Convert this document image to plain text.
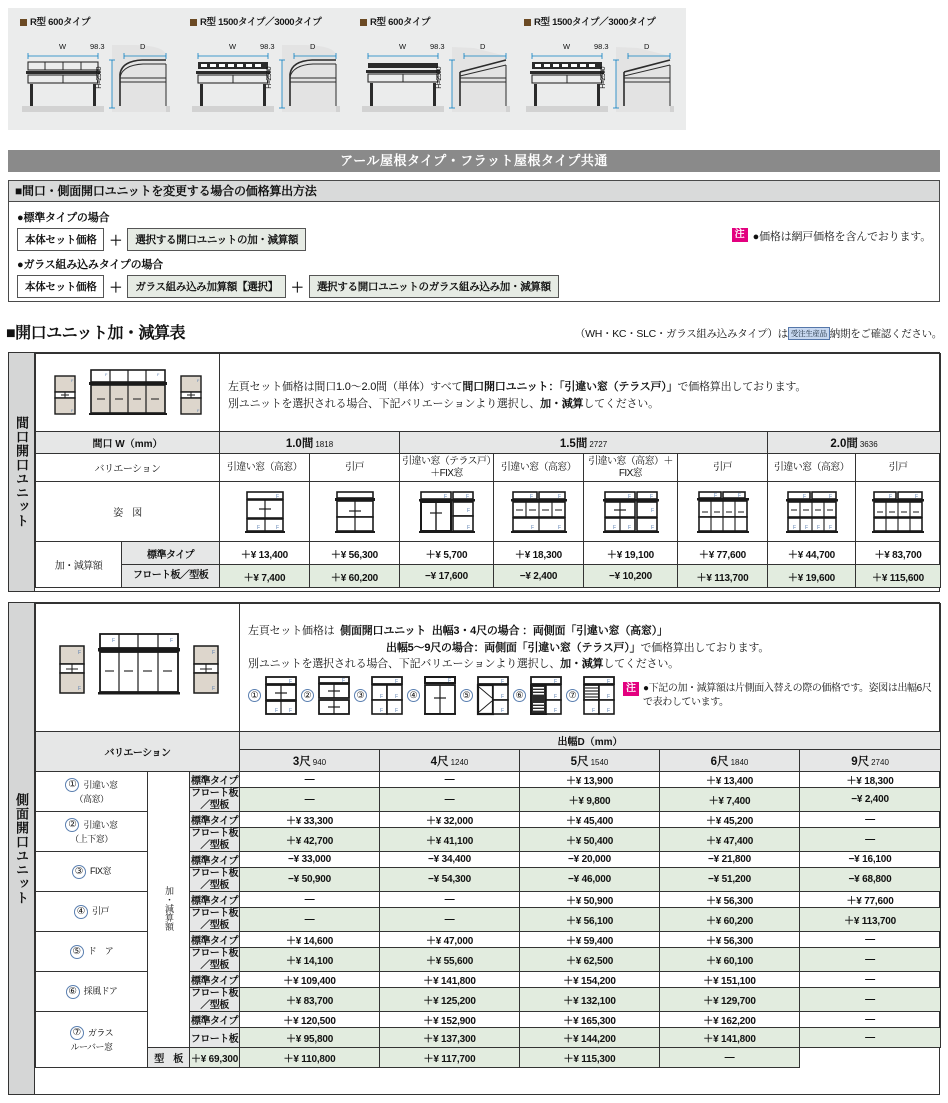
R型 600タイプ
W	98.3	D
H=2500
R型 1500タイプ／3000タイプ
W	98.3	D
H=2500
R型 600タイプ
W	98.3	D
H=2500
R型 1500タイプ／3000タイプ
W	98.3	D
H=2500
アール屋根タイプ・フラット屋根タイプ共通
■間口・側面開口ユニットを変更する場合の価格算出方法
●標準タイプの場合
本体セット価格	＋	選択する開口ユニットの加・減算額
●ガラス組み込みタイプの場合
本体セット価格	＋	ガラス組み込み加算額【選択】	＋	選択する開口ユニットのガラス組み込み加・減算額
注 ●価格は網戸価格を含んでおります。
■開口ユニット加・減算表	（WH・KC・SLC・ガラス組み込みタイプ）は 受注生産品 納期をご確認ください。
間口開口ユニット
F
F
F	F
F
F

左頁セット価格は間口1.0〜2.0間（単体）すべて間口開口ユニット：「引違い窓（テラス戸）」で価格算出しております。
別ユニットを選択される場合、下記バリエーションより選択し、加・減算してください。

間口 W（mm）		1.0間 1818		1.5間 2727				2.0間 3636	
バリエーション		引違い窓（高窓）	引戸	引違い窓（テラス戸）＋FIX窓	引違い窓（高窓）	引違い窓（高窓）＋FIX窓	引戸	引違い窓（高窓）	引戸
姿　図	
F
F	F

F	F
F
F

F	F
F	F

F	F
F
F F	F

F	F	F	F
F F F F

F	F

加・減算額	標準タイプ	＋¥ 13,400	＋¥ 56,300	＋¥ 5,700	＋¥ 18,300	＋¥ 19,100	＋¥ 77,600	＋¥ 44,700	＋¥ 83,700
	フロート板／型板	＋¥ 7,400	＋¥ 60,200	−¥ 17,600	−¥ 2,400	−¥ 10,200	＋¥ 113,700	＋¥ 19,600	＋¥ 115,600
側面開口ユニット
F
F
F	F
F
F

左頁セット価格は 側面開口ユニット 出幅3・4尺の場合 ：両側面「引違い窓（高窓）」
出幅5〜9尺の場合：両側面「引違い窓（テラス戸）」で価格算出しております。
別ユニットを選択される場合、下記バリエーションより選択し、加・減算してください。
①
F
F F
②
F
③
F
F F
F F
④
F
⑤
F
F
F
⑥
F
F
F
⑦
F
F
F F
注 ●下記の加・減算額は片側面入替えの際の価格です。姿図は出幅6尺で表わしています。

バリエーション			出幅D（mm）				
			3尺 940	4尺 1240	5尺 1540	6尺 1840	9尺 2740
① 引違い窓
（高窓）	加・減算額	標準タイプ	—	—	＋¥ 13,900	＋¥ 13,400	＋¥ 18,300
		フロート板／型板	—	—	＋¥ 9,800	＋¥ 7,400	−¥ 2,400
② 引違い窓
（上下窓）		標準タイプ	＋¥ 33,300	＋¥ 32,000	＋¥ 45,400	＋¥ 45,200	—
		フロート板／型板	＋¥ 42,700	＋¥ 41,100	＋¥ 50,400	＋¥ 47,400	—
③ FIX窓		標準タイプ	−¥ 33,000	−¥ 34,400	−¥ 20,000	−¥ 21,800	−¥ 16,100
		フロート板／型板	−¥ 50,900	−¥ 54,300	−¥ 46,000	−¥ 51,200	−¥ 68,800
④ 引戸		標準タイプ	—	—	＋¥ 50,900	＋¥ 56,300	＋¥ 77,600
		フロート板／型板	—	—	＋¥ 56,100	＋¥ 60,200	＋¥ 113,700
⑤ ド　ア		標準タイプ	＋¥ 14,600	＋¥ 47,000	＋¥ 59,400	＋¥ 56,300	—
		フロート板／型板	＋¥ 14,100	＋¥ 55,600	＋¥ 62,500	＋¥ 60,100	—
⑥ 採風ドア		標準タイプ	＋¥ 109,400	＋¥ 141,800	＋¥ 154,200	＋¥ 151,100	—
		フロート板／型板	＋¥ 83,700	＋¥ 125,200	＋¥ 132,100	＋¥ 129,700	—
⑦ ガラス
ルーバー窓		標準タイプ	＋¥ 120,500	＋¥ 152,900	＋¥ 165,300	＋¥ 162,200	—
		フロート板	＋¥ 95,800	＋¥ 137,300	＋¥ 144,200	＋¥ 141,800	—
	型　板	＋¥ 69,300	＋¥ 110,800	＋¥ 117,700	＋¥ 115,300	—	
